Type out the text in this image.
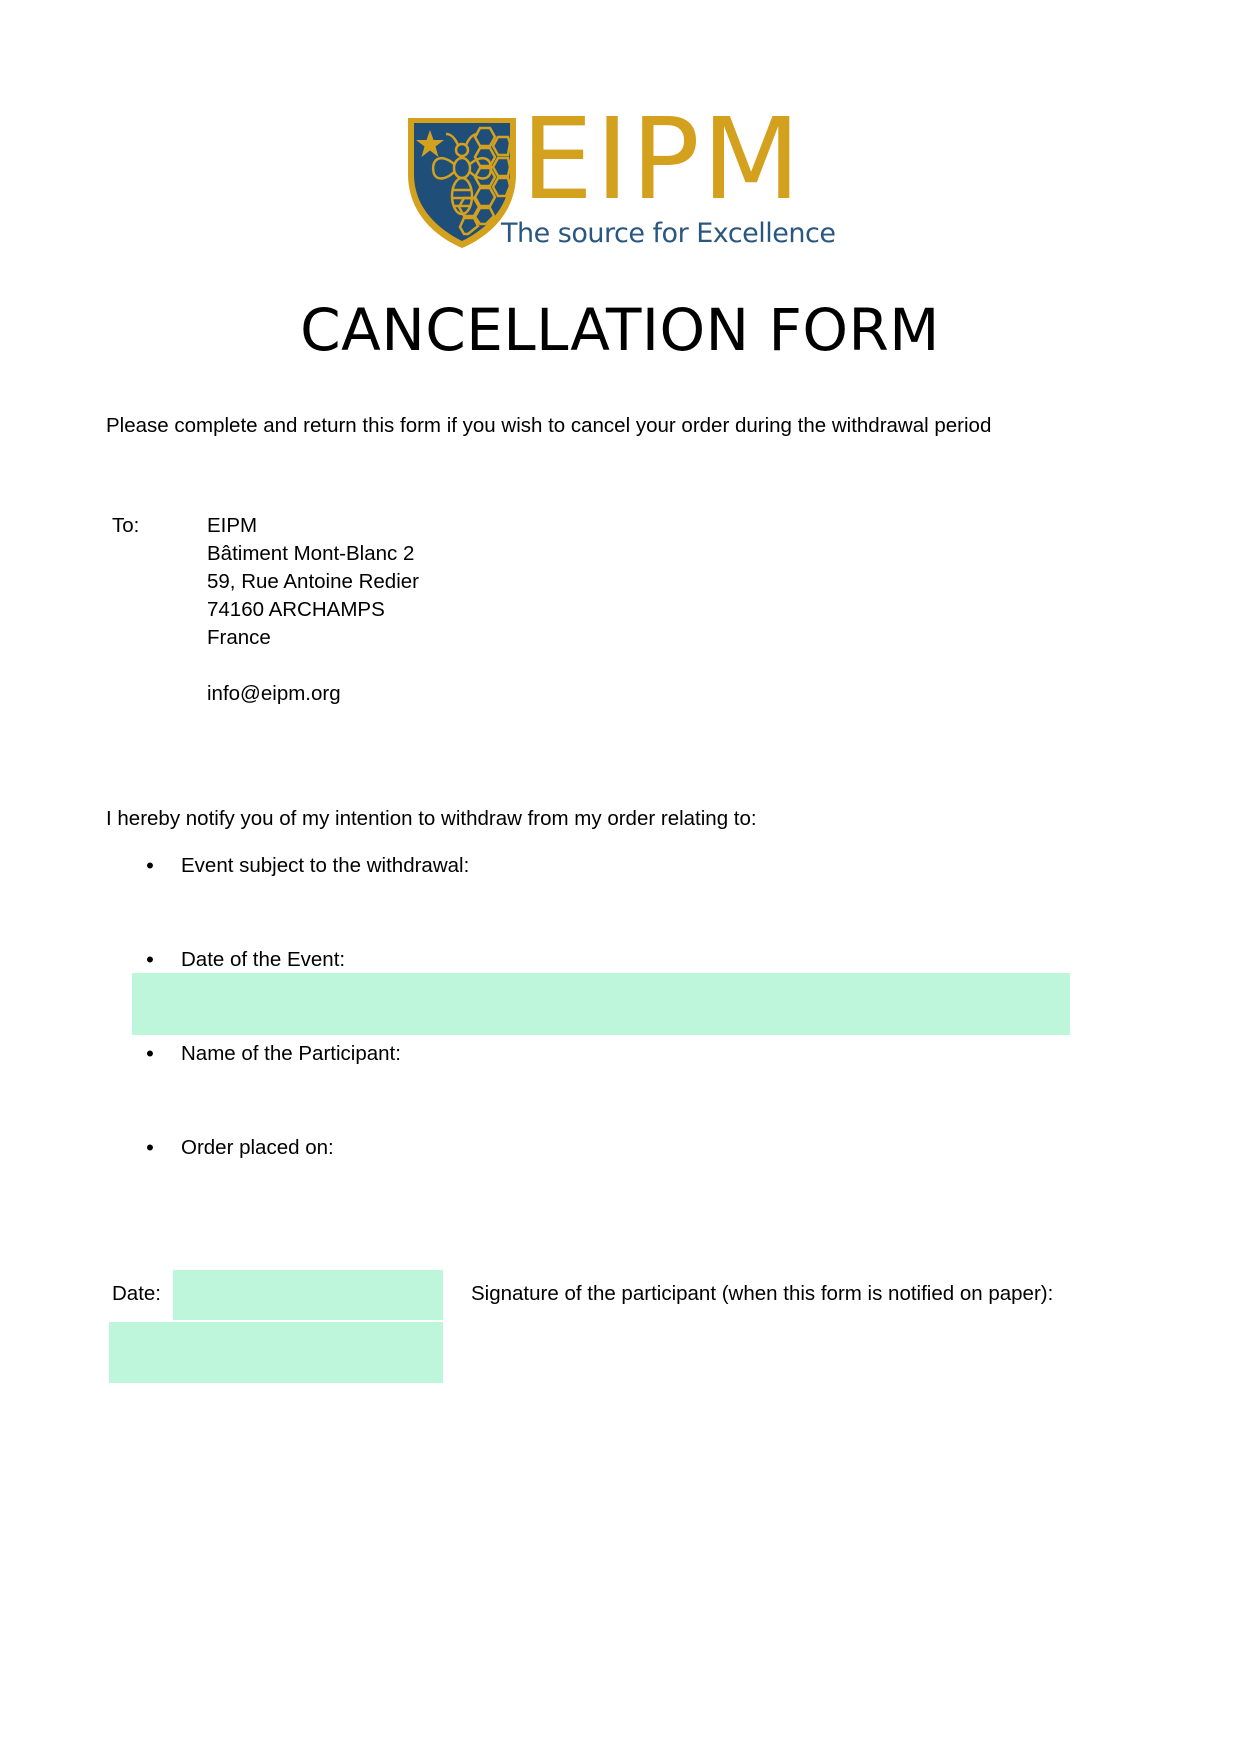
EIPM
The source for Excellence
CANCELLATION FORM
Please complete and return this form if you wish to cancel your order during the withdrawal period
To:	EIPM
Bâtiment Mont-Blanc 2
59, Rue Antoine Redier
74160 ARCHAMPS
France
info@eipm.org
I hereby notify you of my intention to withdraw from my order relating to:
•	Event subject to the withdrawal:
•	Date of the Event:
•	Name of the Participant:
•	Order placed on:
Date:	Signature of the participant (when this form is notified on paper):
